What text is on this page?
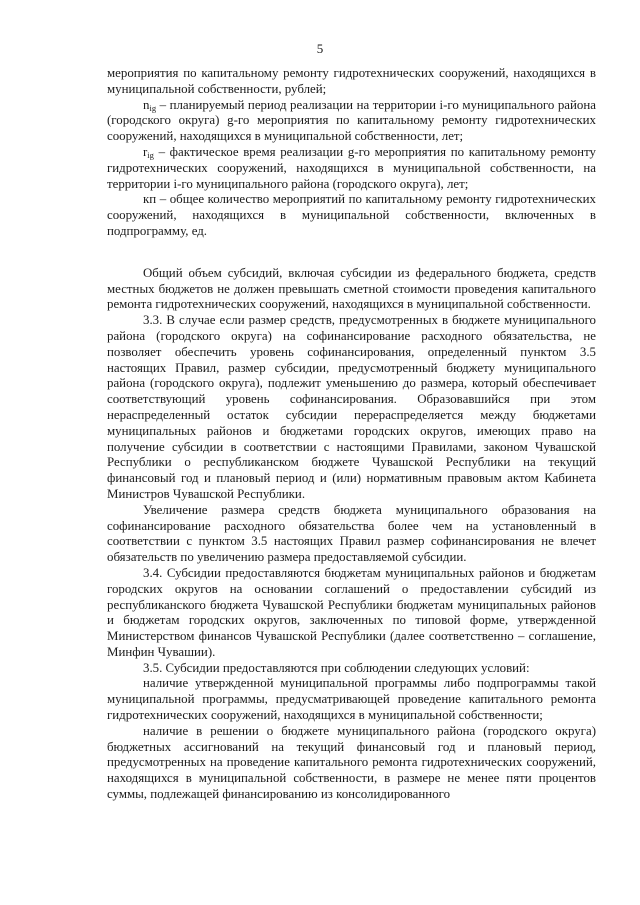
5

мероприятия по капитальному ремонту гидротехнических сооружений, находящихся в муниципальной собственности, рублей;

$n_{ig}$ – планируемый период реализации на территории i-го муниципального района (городского округа) g-го мероприятия по капитальному ремонту гидротехнических сооружений, находящихся в муниципальной собственности, лет;

$r_{ig}$ – фактическое время реализации g-го мероприятия по капитальному ремонту гидротехнических сооружений, находящихся в муниципальной собственности, на территории i-го муниципального района (городского округа), лет;

кп – общее количество мероприятий по капитальному ремонту гидротехнических сооружений, находящихся в муниципальной собственности, включенных в подпрограмму, ед.

Общий объем субсидий, включая субсидии из федерального бюджета, средств местных бюджетов не должен превышать сметной стоимости проведения капитального ремонта гидротехнических сооружений, находящихся в муниципальной собственности.

3.3. В случае если размер средств, предусмотренных в бюджете муниципального района (городского округа) на софинансирование расходного обязательства, не позволяет обеспечить уровень софинансирования, определенный пунктом 3.5 настоящих Правил, размер субсидии, предусмотренный бюджету муниципального района (городского округа), подлежит уменьшению до размера, который обеспечивает соответствующий уровень софинансирования. Образовавшийся при этом нераспределенный остаток субсидии перераспределяется между бюджетами муниципальных районов и бюджетами городских округов, имеющих право на получение субсидии в соответствии с настоящими Правилами, законом Чувашской Республики о республиканском бюджете Чувашской Республики на текущий финансовый год и плановый период и (или) нормативным правовым актом Кабинета Министров Чувашской Республики.

Увеличение размера средств бюджета муниципального образования на софинансирование расходного обязательства более чем на установленный в соответствии с пунктом 3.5 настоящих Правил размер софинансирования не влечет обязательств по увеличению размера предоставляемой субсидии.

3.4. Субсидии предоставляются бюджетам муниципальных районов и бюджетам городских округов на основании соглашений о предоставлении субсидий из республиканского бюджета Чувашской Республики бюджетам муниципальных районов и бюджетам городских округов, заключенных по типовой форме, утвержденной Министерством финансов Чувашской Республики (далее соответственно – соглашение, Минфин Чувашии).

3.5. Субсидии предоставляются при соблюдении следующих условий:

наличие утвержденной муниципальной программы либо подпрограммы такой муниципальной программы, предусматривающей проведение капитального ремонта гидротехнических сооружений, находящихся в муниципальной собственности;

наличие в решении о бюджете муниципального района (городского округа) бюджетных ассигнований на текущий финансовый год и плановый период, предусмотренных на проведение капитального ремонта гидротехнических сооружений, находящихся в муниципальной собственности, в размере не менее пяти процентов суммы, подлежащей финансированию из консолидированного
